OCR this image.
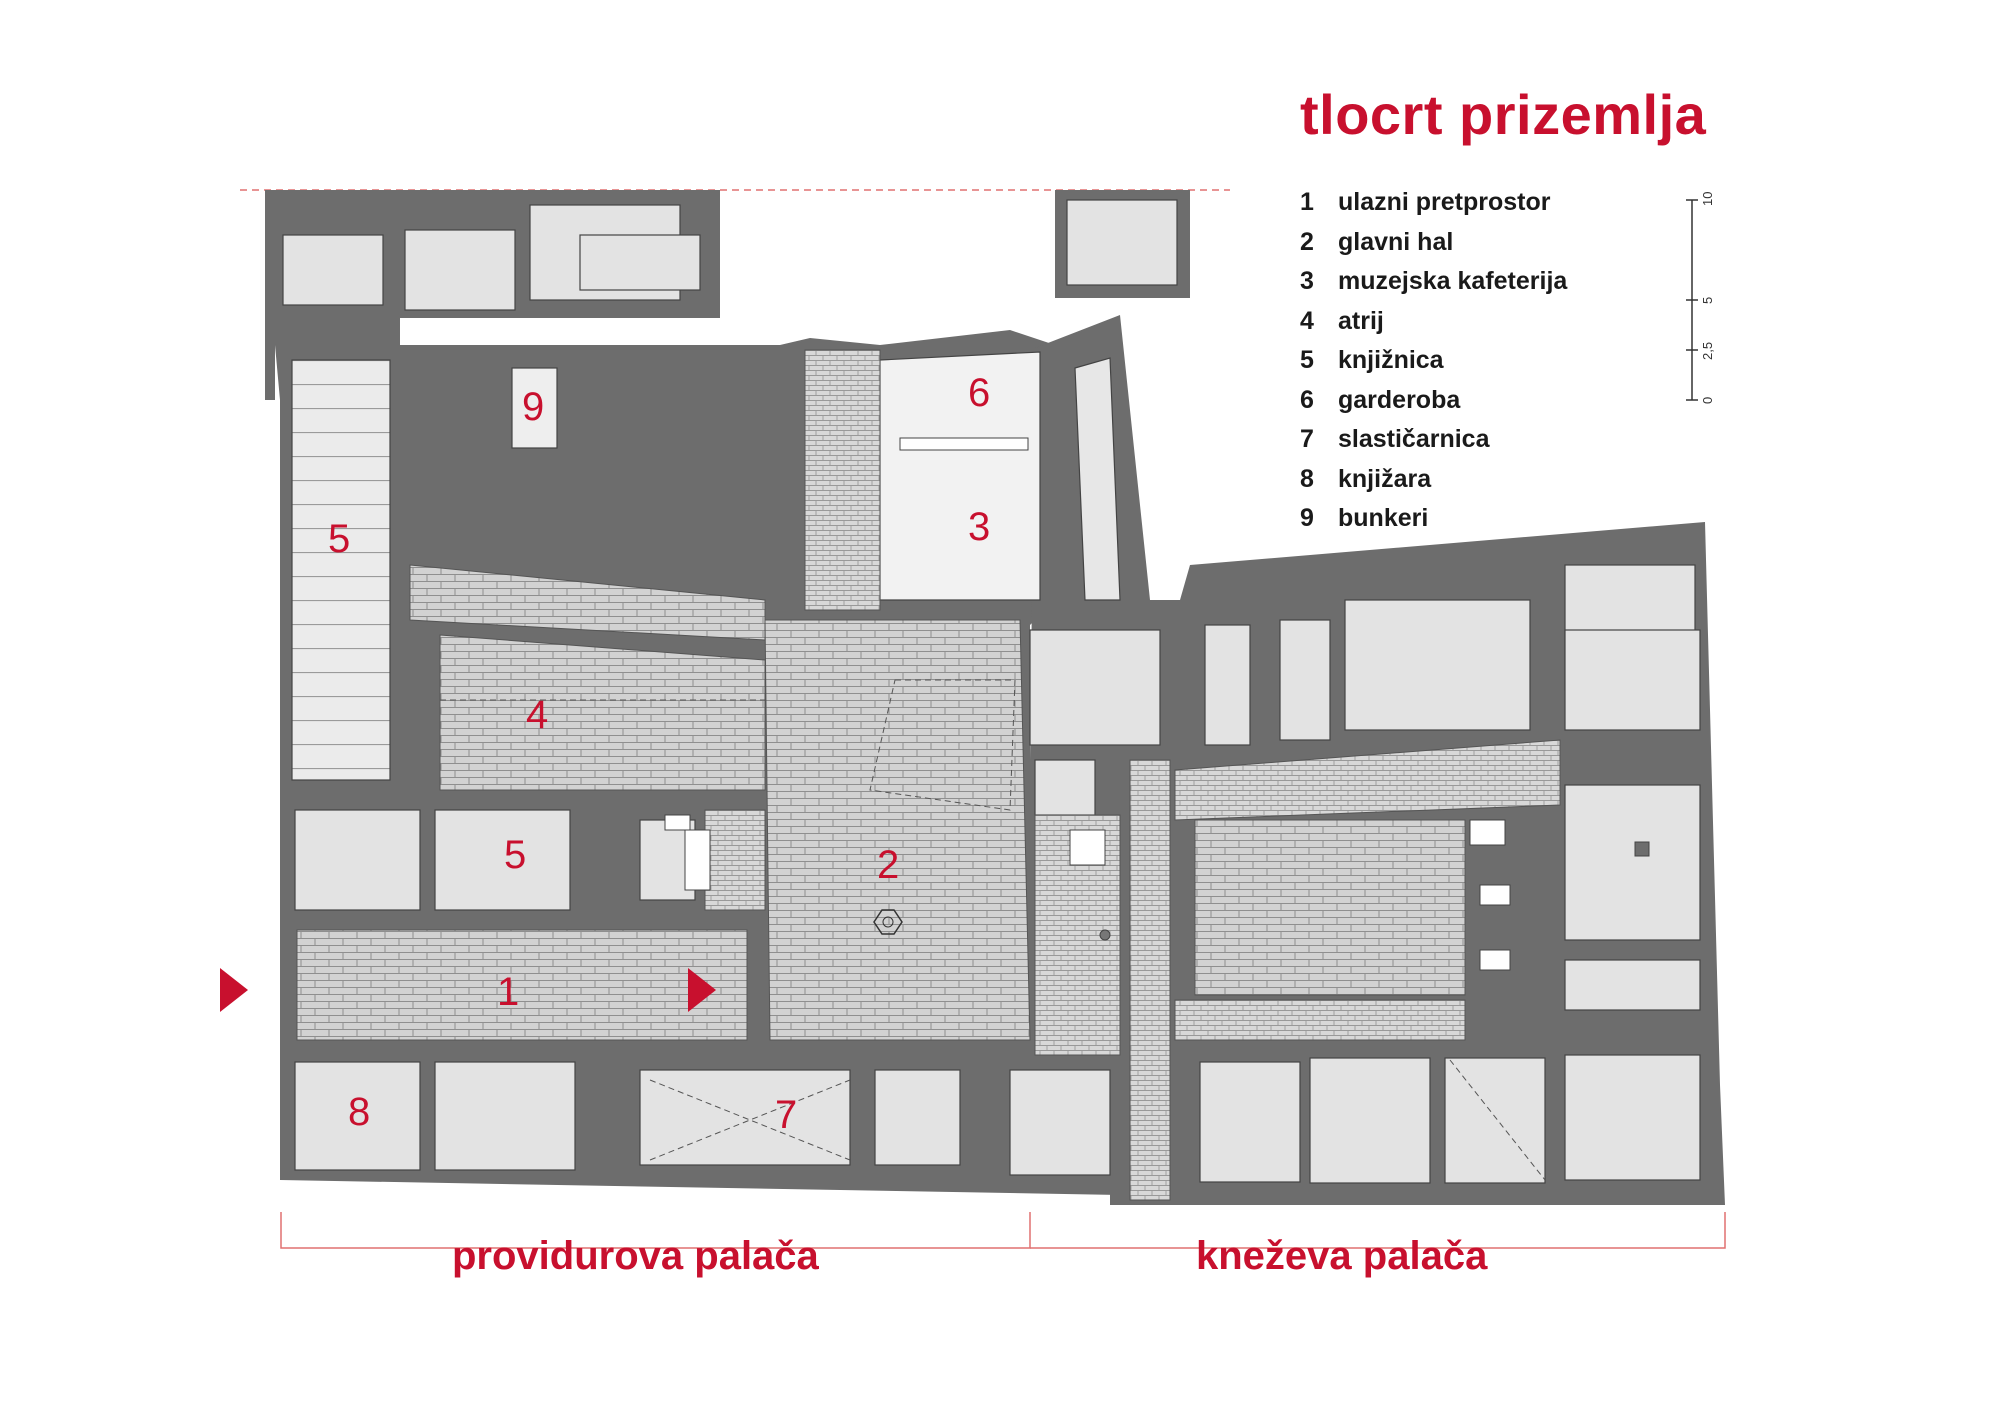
10
5
2,5
0
1
2
3
4
5
5
6
7
8
9
tlocrt prizemlja
1 ulazni pretprostor
2 glavni hal
3 muzejska kafeterija
4 atrij
5 knjižnica
6 garderoba
7 slastičarnica
8 knjižara
9 bunkeri
providurova palača	kneževa palača
